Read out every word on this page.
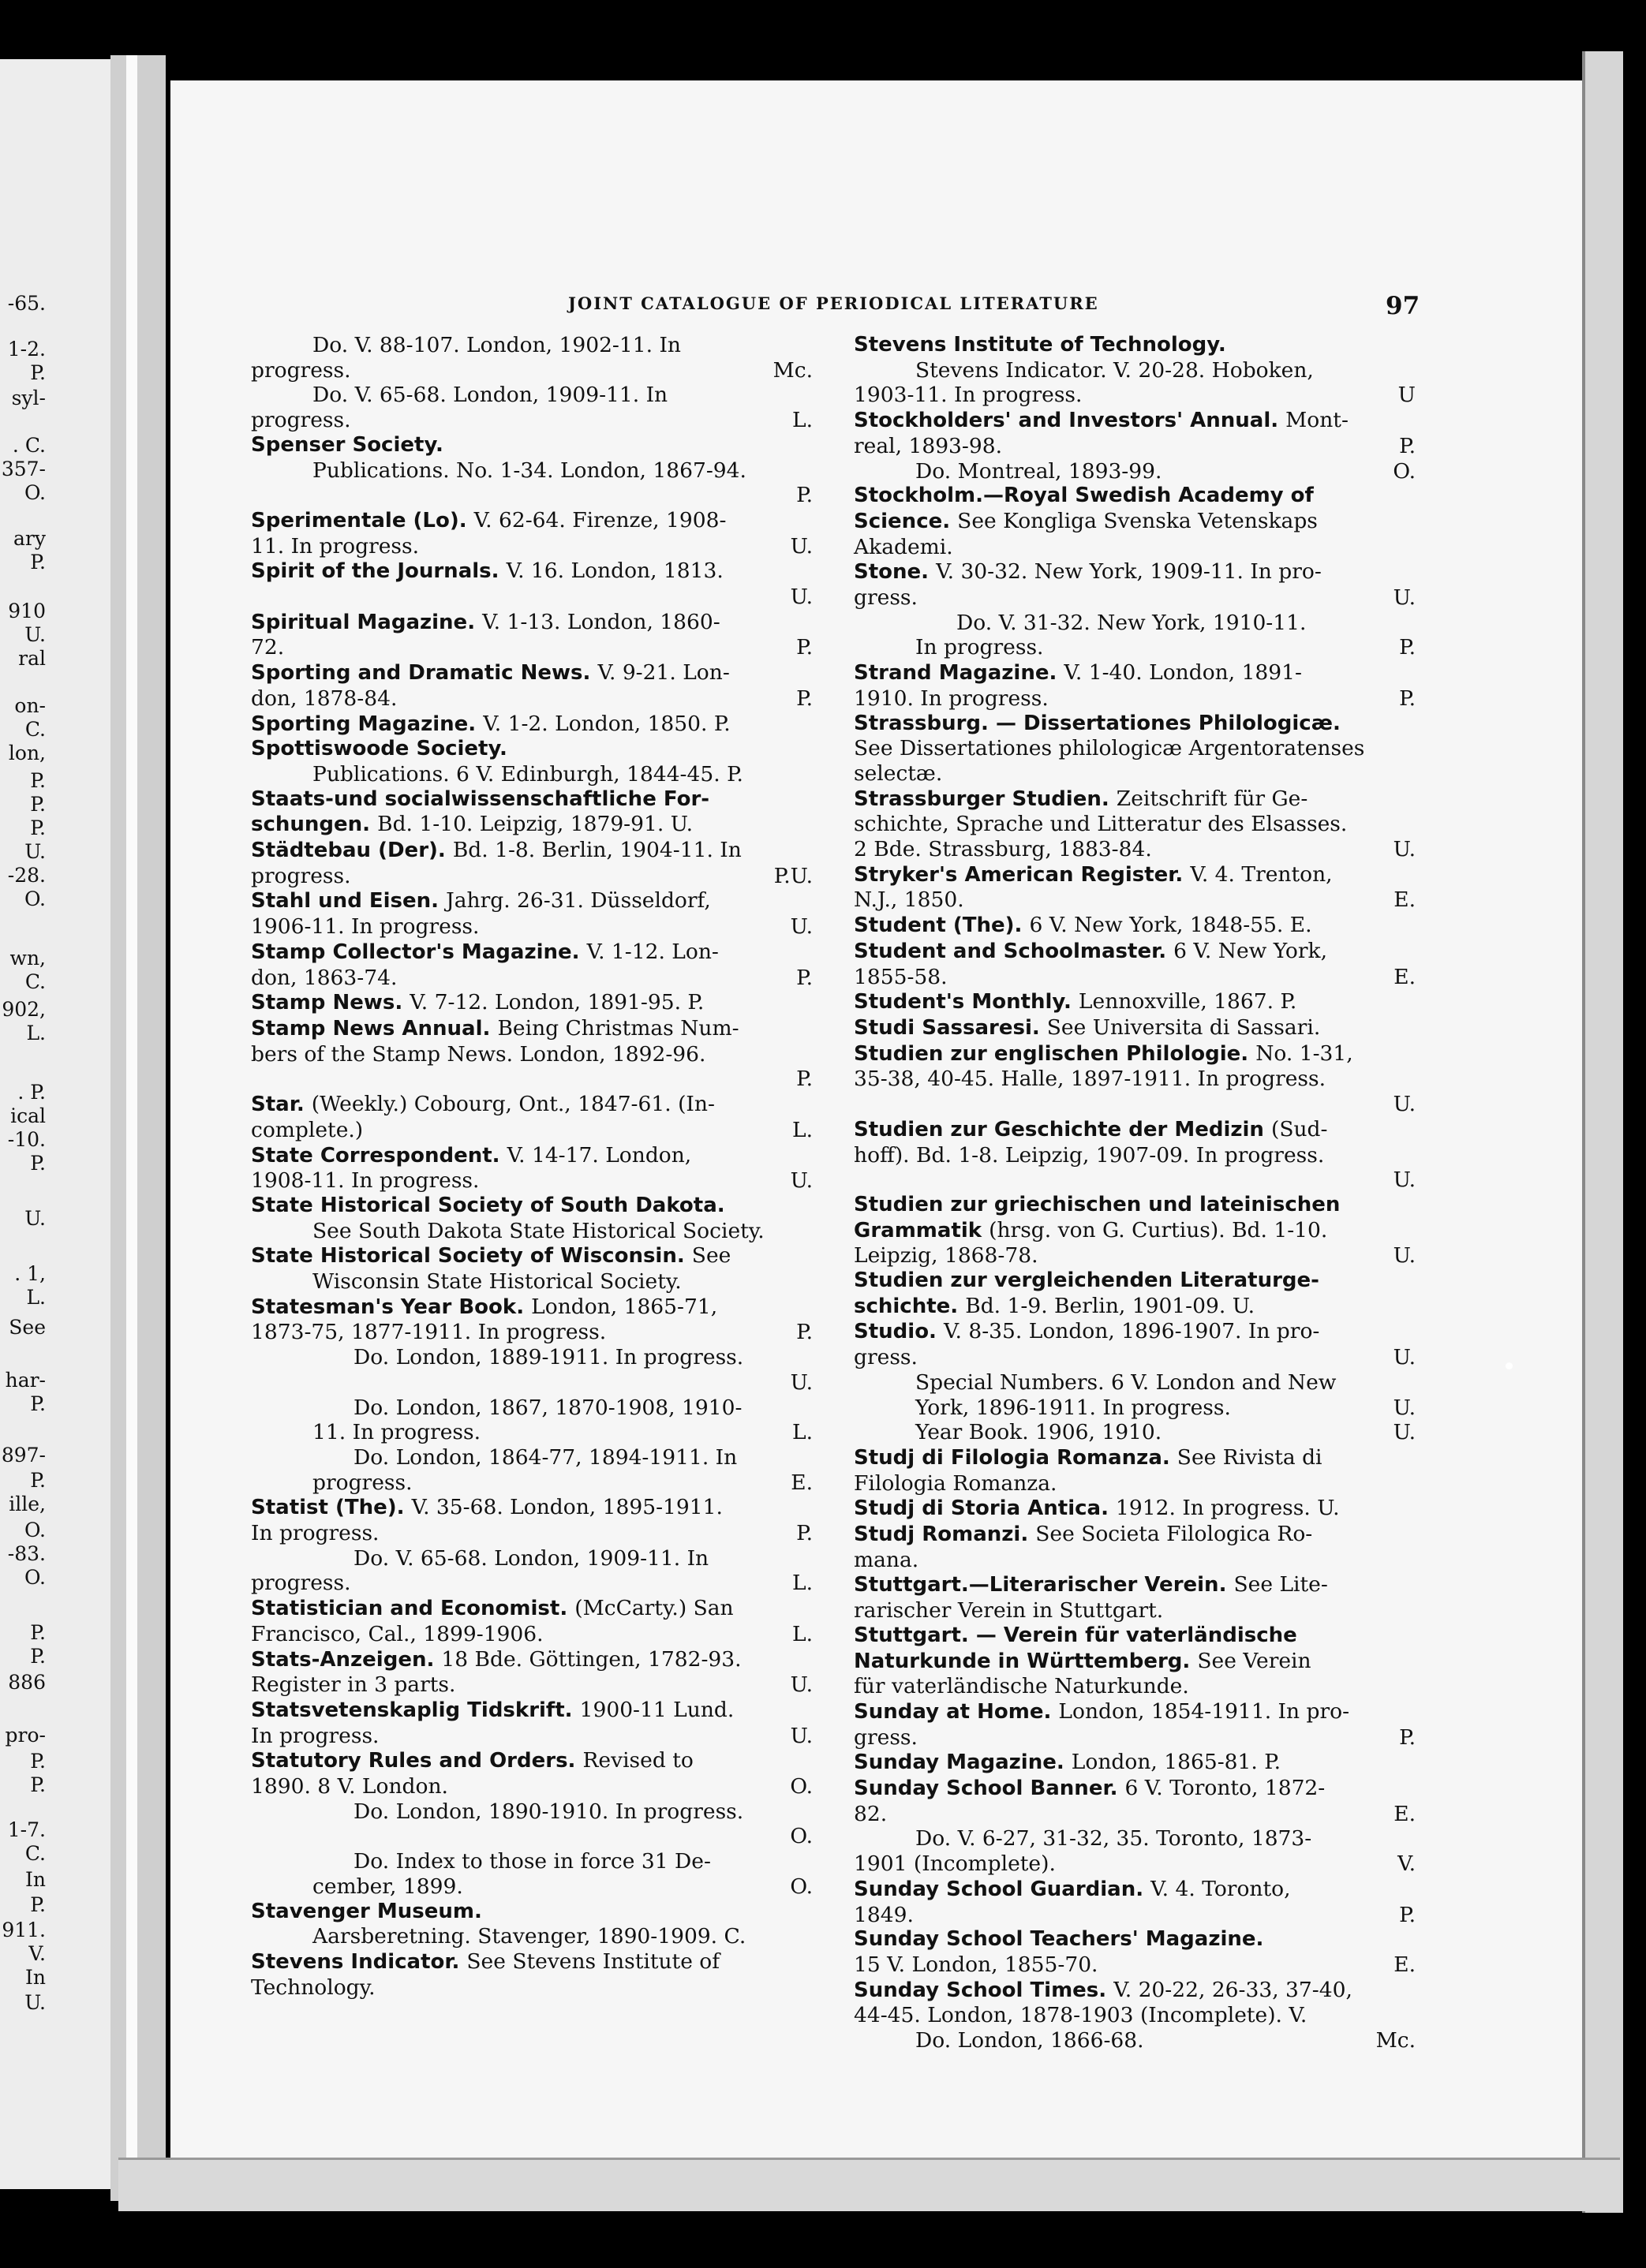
JOINT CATALOGUE OF PERIODICAL LITERATURE	97
Do. V. 88-107. London, 1902-11. In
progress.	Mc.
Do. V. 65-68. London, 1909-11. In
progress.	L.
Spenser Society.
Publications. No. 1-34. London, 1867-94.
P.
Sperimentale (Lo). V. 62-64. Firenze, 1908-
11. In progress.	U.
Spirit of the Journals. V. 16. London, 1813.
U.
Spiritual Magazine. V. 1-13. London, 1860-
72.	P.
Sporting and Dramatic News. V. 9-21. Lon-
don, 1878-84.	P.
Sporting Magazine. V. 1-2. London, 1850. P.
Spottiswoode Society.
Publications. 6 V. Edinburgh, 1844-45. P.
Staats-und socialwissenschaftliche For-
schungen. Bd. 1-10. Leipzig, 1879-91. U.
Städtebau (Der). Bd. 1-8. Berlin, 1904-11. In
progress.	P.U.
Stahl und Eisen. Jahrg. 26-31. Düsseldorf,
1906-11. In progress.	U.
Stamp Collector's Magazine. V. 1-12. Lon-
don, 1863-74.	P.
Stamp News. V. 7-12. London, 1891-95. P.
Stamp News Annual. Being Christmas Num-
bers of the Stamp News. London, 1892-96.
P.
Star. (Weekly.) Cobourg, Ont., 1847-61. (In-
complete.)	L.
State Correspondent. V. 14-17. London,
1908-11. In progress.	U.
State Historical Society of South Dakota.
See South Dakota State Historical Society.
State Historical Society of Wisconsin. See
Wisconsin State Historical Society.
Statesman's Year Book. London, 1865-71,
1873-75, 1877-1911. In progress.	P.
Do. London, 1889-1911. In progress.
U.
Do. London, 1867, 1870-1908, 1910-
11. In progress.	L.
Do. London, 1864-77, 1894-1911. In
progress.	E.
Statist (The). V. 35-68. London, 1895-1911.
In progress.	P.
Do. V. 65-68. London, 1909-11. In
progress.	L.
Statistician and Economist. (McCarty.) San
Francisco, Cal., 1899-1906.	L.
Stats-Anzeigen. 18 Bde. Göttingen, 1782-93.
Register in 3 parts.	U.
Statsvetenskaplig Tidskrift. 1900-11 Lund.
In progress.	U.
Statutory Rules and Orders. Revised to
1890. 8 V. London.	O.
Do. London, 1890-1910. In progress.
O.
Do. Index to those in force 31 De-
cember, 1899.	O.
Stavenger Museum.
Aarsberetning. Stavenger, 1890-1909. C.
Stevens Indicator. See Stevens Institute of
Technology.
Stevens Institute of Technology.
Stevens Indicator. V. 20-28. Hoboken,
1903-11. In progress.	U
Stockholders' and Investors' Annual. Mont-
real, 1893-98.	P.
Do. Montreal, 1893-99.	O.
Stockholm.—Royal Swedish Academy of
Science. See Kongliga Svenska Vetenskaps
Akademi.
Stone. V. 30-32. New York, 1909-11. In pro-
gress.	U.
Do. V. 31-32. New York, 1910-11.
In progress.	P.
Strand Magazine. V. 1-40. London, 1891-
1910. In progress.	P.
Strassburg. — Dissertationes Philologicæ.
See Dissertationes philologicæ Argentoratenses
selectæ.
Strassburger Studien. Zeitschrift für Ge-
schichte, Sprache und Litteratur des Elsasses.
2 Bde. Strassburg, 1883-84.	U.
Stryker's American Register. V. 4. Trenton,
N.J., 1850.	E.
Student (The). 6 V. New York, 1848-55. E.
Student and Schoolmaster. 6 V. New York,
1855-58.	E.
Student's Monthly. Lennoxville, 1867. P.
Studi Sassaresi. See Universita di Sassari.
Studien zur englischen Philologie. No. 1-31,
35-38, 40-45. Halle, 1897-1911. In progress.
U.
Studien zur Geschichte der Medizin (Sud-
hoff). Bd. 1-8. Leipzig, 1907-09. In progress.
U.
Studien zur griechischen und lateinischen
Grammatik (hrsg. von G. Curtius). Bd. 1-10.
Leipzig, 1868-78.	U.
Studien zur vergleichenden Literaturge-
schichte. Bd. 1-9. Berlin, 1901-09. U.
Studio. V. 8-35. London, 1896-1907. In pro-
gress.	U.
Special Numbers. 6 V. London and New
York, 1896-1911. In progress.	U.
Year Book. 1906, 1910.	U.
Studj di Filologia Romanza. See Rivista di
Filologia Romanza.
Studj di Storia Antica. 1912. In progress. U.
Studj Romanzi. See Societa Filologica Ro-
mana.
Stuttgart.—Literarischer Verein. See Lite-
rarischer Verein in Stuttgart.
Stuttgart. — Verein für vaterländische
Naturkunde in Württemberg. See Verein
für vaterländische Naturkunde.
Sunday at Home. London, 1854-1911. In pro-
gress.	P.
Sunday Magazine. London, 1865-81. P.
Sunday School Banner. 6 V. Toronto, 1872-
82.	E.
Do. V. 6-27, 31-32, 35. Toronto, 1873-
1901 (Incomplete).	V.
Sunday School Guardian. V. 4. Toronto,
1849.	P.
Sunday School Teachers' Magazine.
15 V. London, 1855-70.	E.
Sunday School Times. V. 20-22, 26-33, 37-40,
44-45. London, 1878-1903 (Incomplete). V.
Do. London, 1866-68.	Mc.
-65.
1-2.
P.
syl-
. C.
357-
O.
ary
P.
910
U.
ral
on-
C.
lon,
P.
P.
P.
U.
-28.
O.
wn,
C.
902,
L.
. P.
ical
-10.
P.
U.
. 1,
L.
See
har-
P.
897-
P.
ille,
O.
-83.
O.
P.
P.
886
pro-
P.
P.
1-7.
C.
In
P.
911.
V.
In
U.
